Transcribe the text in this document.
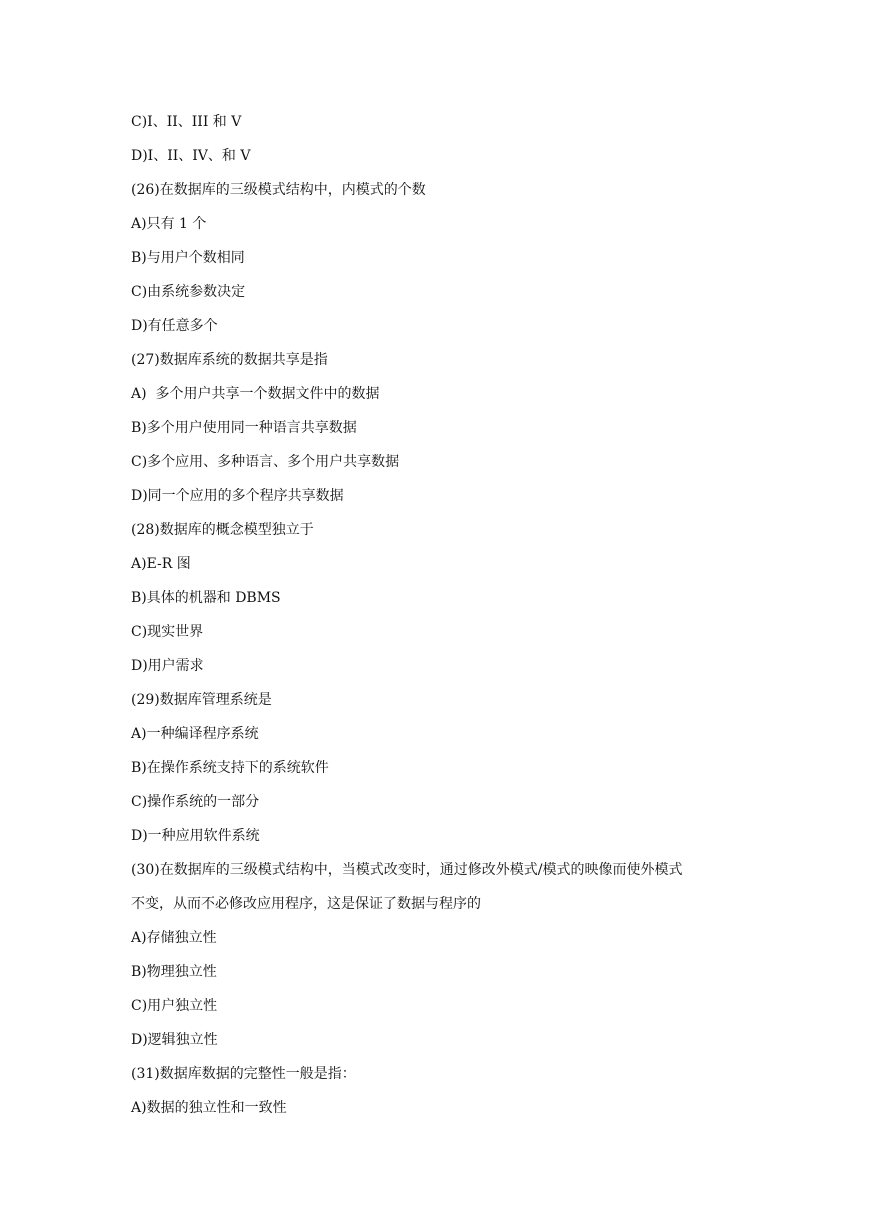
C)I、II、III 和 V
D)I、II、IV、和 V
(26)在数据库的三级模式结构中，内模式的个数
A)只有 1 个
B)与用户个数相同
C)由系统参数决定
D)有任意多个
(27)数据库系统的数据共享是指
A)  多个用户共享一个数据文件中的数据
B)多个用户使用同一种语言共享数据
C)多个应用、多种语言、多个用户共享数据
D)同一个应用的多个程序共享数据
(28)数据库的概念模型独立于
A)E-R 图
B)具体的机器和 DBMS
C)现实世界
D)用户需求
(29)数据库管理系统是
A)一种编译程序系统
B)在操作系统支持下的系统软件
C)操作系统的一部分
D)一种应用软件系统
(30)在数据库的三级模式结构中，当模式改变时，通过修改外模式/模式的映像而使外模式
不变，从而不必修改应用程序，这是保证了数据与程序的
A)存储独立性
B)物理独立性
C)用户独立性
D)逻辑独立性
(31)数据库数据的完整性一般是指：
A)数据的独立性和一致性
